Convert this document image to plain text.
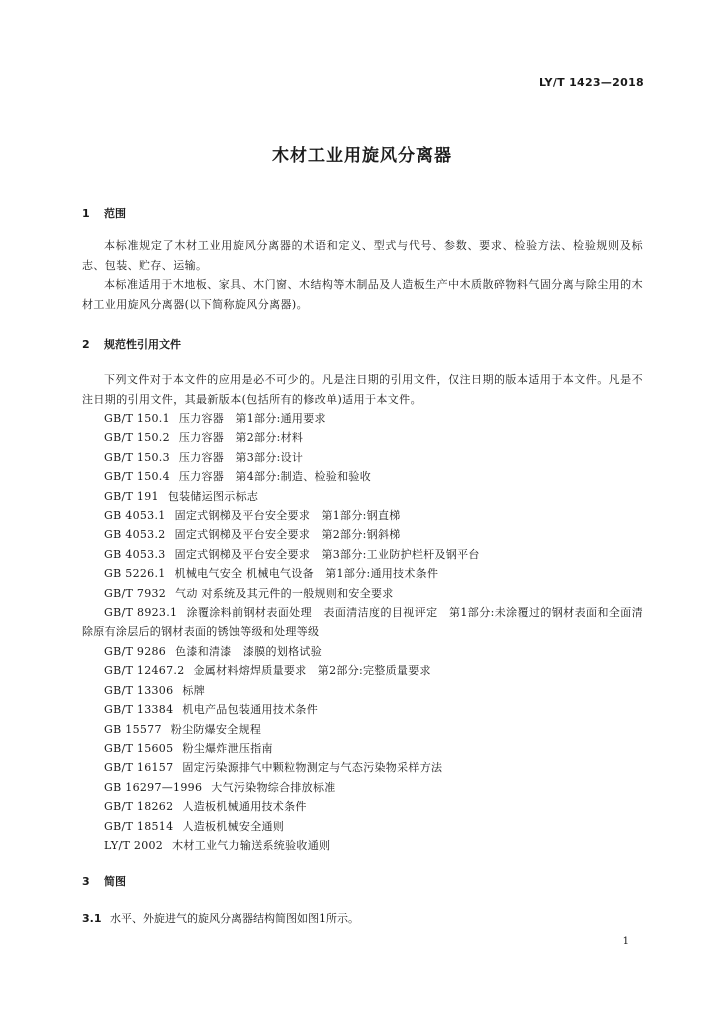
LY/T 1423—2018
木材工业用旋风分离器
1 范围
本标准规定了木材工业用旋风分离器的术语和定义、型式与代号、参数、要求、检验方法、检验规则及标志、包装、贮存、运输。
本标准适用于木地板、家具、木门窗、木结构等木制品及人造板生产中木质散碎物料气固分离与除尘用的木材工业用旋风分离器(以下简称旋风分离器)。
2 规范性引用文件
下列文件对于本文件的应用是必不可少的。凡是注日期的引用文件，仅注日期的版本适用于本文件。凡是不注日期的引用文件，其最新版本(包括所有的修改单)适用于本文件。
GB/T 150.1 压力容器　第1部分:通用要求
GB/T 150.2 压力容器　第2部分:材料
GB/T 150.3 压力容器　第3部分:设计
GB/T 150.4 压力容器　第4部分:制造、检验和验收
GB/T 191 包装储运图示标志
GB 4053.1 固定式钢梯及平台安全要求　第1部分:钢直梯
GB 4053.2 固定式钢梯及平台安全要求　第2部分:钢斜梯
GB 4053.3 固定式钢梯及平台安全要求　第3部分:工业防护栏杆及钢平台
GB 5226.1 机械电气安全 机械电气设备　第1部分:通用技术条件
GB/T 7932 气动 对系统及其元件的一般规则和安全要求
GB/T 8923.1 涂覆涂料前钢材表面处理　表面清洁度的目视评定　第1部分:未涂覆过的钢材表面和全面清除原有涂层后的钢材表面的锈蚀等级和处理等级
GB/T 9286 色漆和清漆　漆膜的划格试验
GB/T 12467.2 金属材料熔焊质量要求　第2部分:完整质量要求
GB/T 13306 标牌
GB/T 13384 机电产品包装通用技术条件
GB 15577 粉尘防爆安全规程
GB/T 15605 粉尘爆炸泄压指南
GB/T 16157 固定污染源排气中颗粒物测定与气态污染物采样方法
GB 16297—1996 大气污染物综合排放标准
GB/T 18262 人造板机械通用技术条件
GB/T 18514 人造板机械安全通则
LY/T 2002 木材工业气力输送系统验收通则
3 简图
3.1 水平、外旋进气的旋风分离器结构简图如图1所示。
1
